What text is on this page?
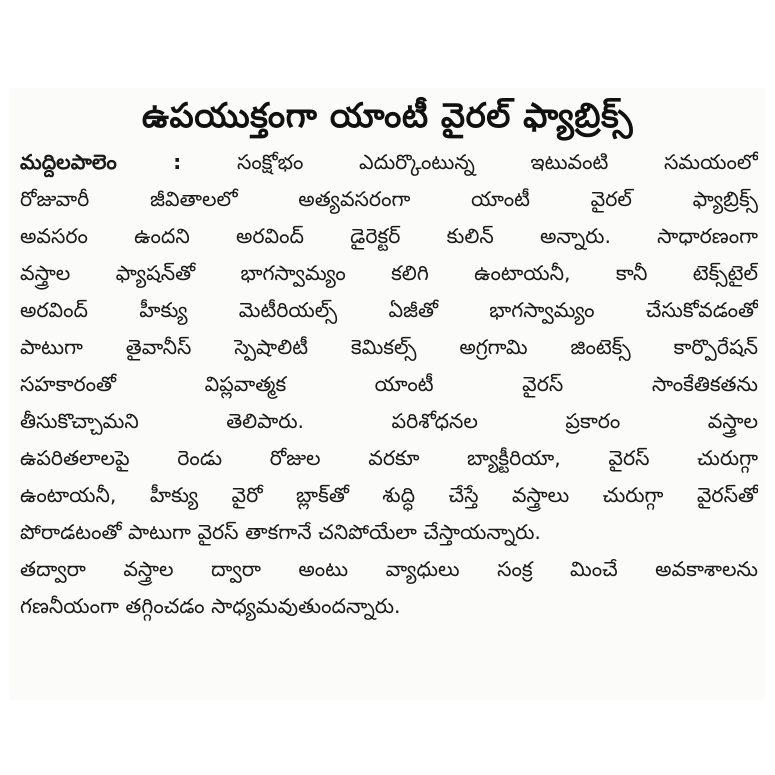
ఉపయుక్తంగా యాంటీ వైరల్ ఫ్యాబ్రిక్స్
మద్దిలపాలెం :	సంక్షోభం ఎదుర్కొంటున్న ఇటువంటి సమయంలో
రోజువారీ జీవితాలలో అత్యవసరంగా యాంటీ వైరల్ ఫ్యాబ్రిక్స్
అవసరం ఉందని అరవింద్ డైరెక్టర్ కులిన్ అన్నారు. సాధారణంగా
వస్త్రాల ఫ్యాషన్‌తో భాగస్వామ్యం కలిగి ఉంటాయనీ, కానీ టెక్స్‌టైల్
అరవింద్ హీక్యు మెటీరియల్స్ ఏజీతో భాగస్వామ్యం చేసుకోవడంతో
పాటుగా తైవానీస్ స్పెషాలిటీ కెమికల్స్ అగ్రగామి జింటెక్స్ కార్పొరేషన్
సహకారంతో విప్లవాత్మక యాంటీ వైరస్ సాంకేతికతను
తీసుకొచ్చామని తెలిపారు. పరిశోధనల ప్రకారం వస్త్రాల
ఉపరితలాలపై రెండు రోజుల వరకూ బ్యాక్టీరియా, వైరస్ చురుగ్గా
ఉంటాయనీ, హీక్యు వైరో బ్లాక్‌తో శుద్ధి చేస్తే వస్త్రాలు చురుగ్గా వైరస్‌తో
పోరాడటంతో పాటుగా వైరస్ తాకగానే చనిపోయేలా చేస్తాయన్నారు.
తద్వారా వస్త్రాల ద్వారా అంటు వ్యాధులు సంక్ర మించే అవకాశాలను
గణనీయంగా తగ్గించడం సాధ్యమవుతుందన్నారు.
